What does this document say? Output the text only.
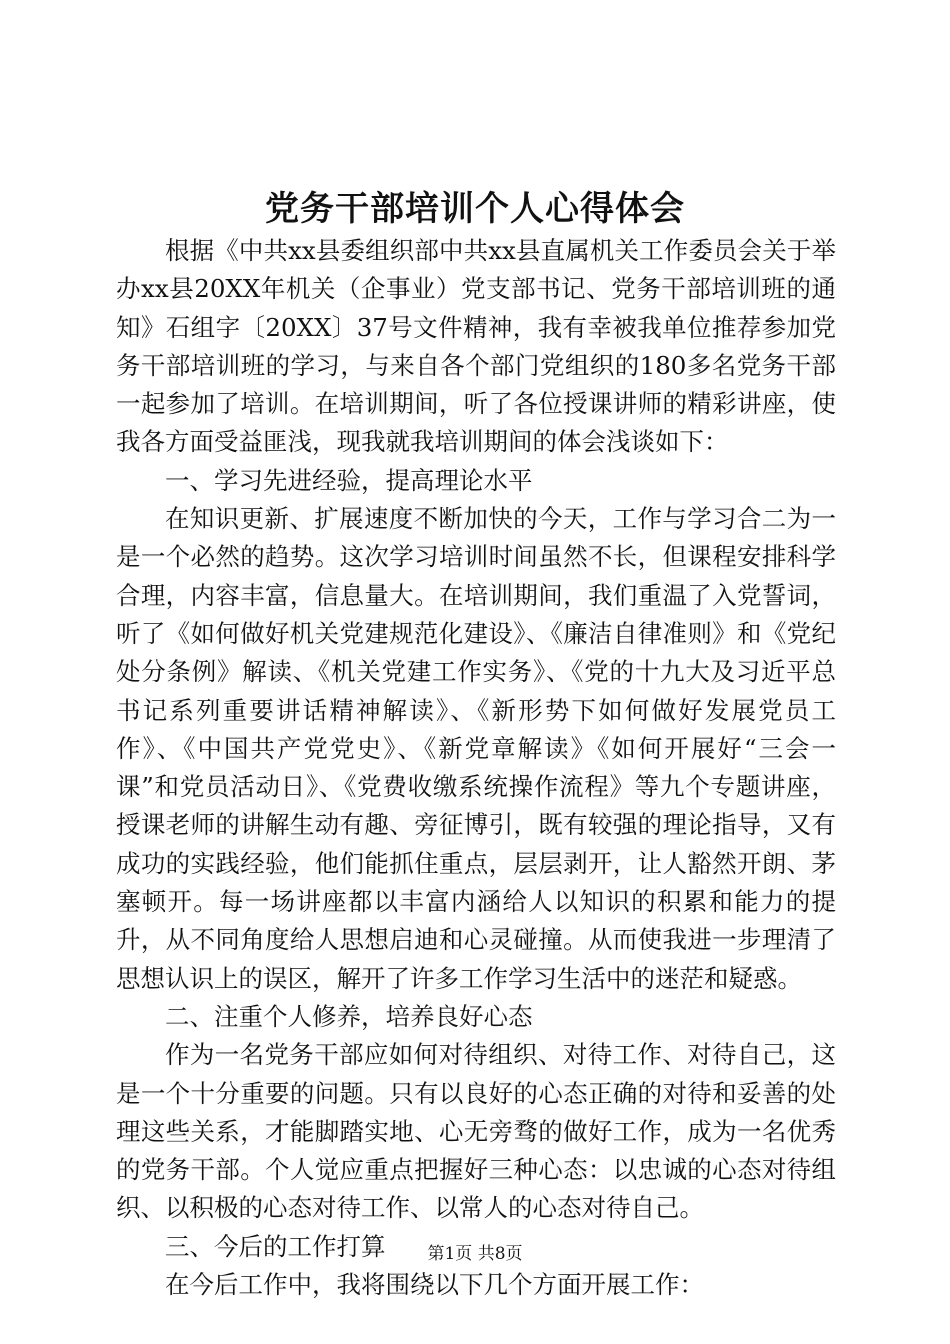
党务干部培训个人心得体会

根据《中共xx县委组织部中共xx县直属机关工作委员会关于举办xx县20XX年机关（企事业）党支部书记、党务干部培训班的通知》石组字〔20XX〕37号文件精神，我有幸被我单位推荐参加党务干部培训班的学习，与来自各个部门党组织的180多名党务干部一起参加了培训。在培训期间，听了各位授课讲师的精彩讲座，使我各方面受益匪浅，现我就我培训期间的体会浅谈如下：

一、学习先进经验，提高理论水平

在知识更新、扩展速度不断加快的今天，工作与学习合二为一是一个必然的趋势。这次学习培训时间虽然不长，但课程安排科学合理，内容丰富，信息量大。在培训期间，我们重温了入党誓词，听了《如何做好机关党建规范化建设》、《廉洁自律准则》和《党纪处分条例》解读、《机关党建工作实务》、《党的十九大及习近平总书记系列重要讲话精神解读》、《新形势下如何做好发展党员工作》、《中国共产党党史》、《新党章解读》《如何开展好“三会一课”和党员活动日》、《党费收缴系统操作流程》等九个专题讲座，授课老师的讲解生动有趣、旁征博引，既有较强的理论指导，又有成功的实践经验，他们能抓住重点，层层剥开，让人豁然开朗、茅塞顿开。每一场讲座都以丰富内涵给人以知识的积累和能力的提升，从不同角度给人思想启迪和心灵碰撞。从而使我进一步理清了思想认识上的误区，解开了许多工作学习生活中的迷茫和疑惑。

二、注重个人修养，培养良好心态

作为一名党务干部应如何对待组织、对待工作、对待自己，这是一个十分重要的问题。只有以良好的心态正确的对待和妥善的处理这些关系，才能脚踏实地、心无旁骛的做好工作，成为一名优秀的党务干部。个人觉应重点把握好三种心态：以忠诚的心态对待组织、以积极的心态对待工作、以常人的心态对待自己。

三、今后的工作打算

在今后工作中，我将围绕以下几个方面开展工作：

第1页 共8页
